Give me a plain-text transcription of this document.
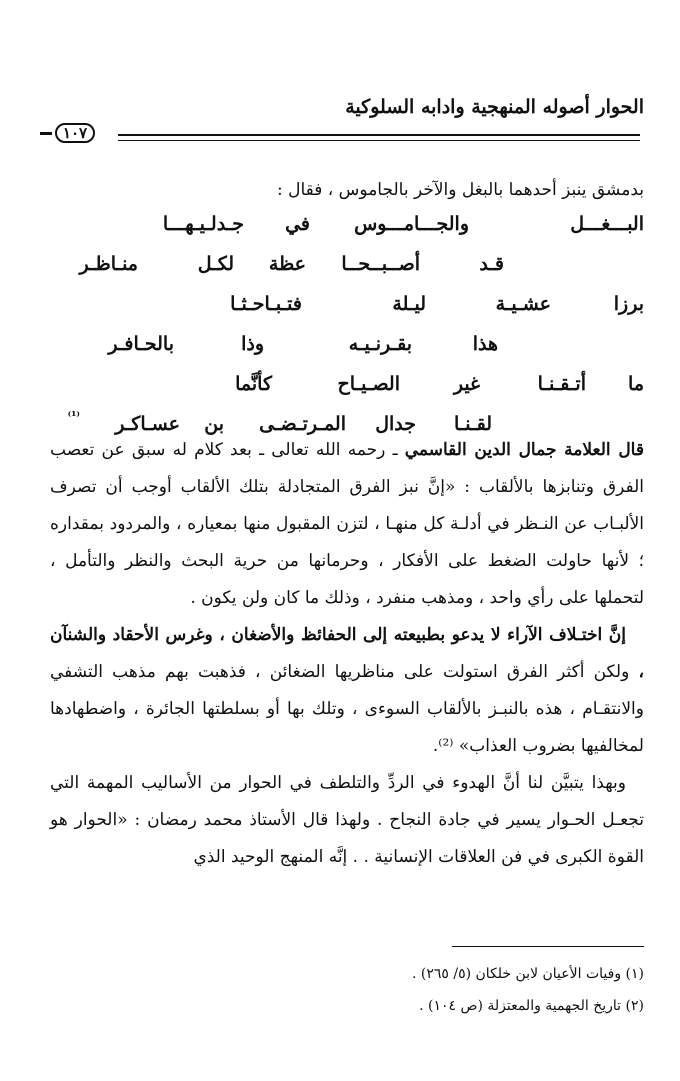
الحوار أصوله المنهجية وادابه السلوكية
١٠٧

بدمشق ينبز أحدهما بالبغل والآخر بالجاموس ، فقال :

البـــغـــل
والجـــامـــوس
في
جـدلـيـهـــا
قـد
أصــبــحــا
عظة
لكـل
منـاظـر
برزا
عشـيـة
ليـلة
فتـبـاحـثـا
هذا
بقـرنـيـه
وذا
بالحـافـر
ما
أتـقـنـا
غير
الصـيـاح
كأنَّما
لقـنـا
جدال
المـرتـضـى
بن
عسـاكـر
⁽¹⁾

قال العلامة جمال الدين القاسمي ـ رحمه الله تعالى ـ بعد كلام له سبق عن تعصب الفرق وتنابزها بالألقاب : «إنَّ نبز الفرق المتجادلة بتلك الألقاب أوجب أن تصرف الألبـاب عن النـظر في أدلـة كل منهـا ، لتزن المقبول منها بمعياره ، والمردود بمقداره ؛ لأنها حاولت الضغط على الأفكار ، وحرمانها من حرية البحث والنظر والتأمل ، لتحملها على رأي واحد ، ومذهب منفرد ، وذلك ما كان ولن يكون .

إنَّ اختـلاف الآراء لا يدعو بطبيعته إلى الحفائظ والأضغان ، وغرس الأحقاد والشنآن ، ولكن أكثر الفرق استولت على مناظريها الضغائن ، فذهبت بهم مذهب التشفي والانتقـام ، هذه بالنبـز بالألقاب السوءى ، وتلك بها أو بسلطتها الجائرة ، واضطهادها لمخالفيها بضروب العذاب» ⁽²⁾.

وبهذا يتبيَّن لنا أنَّ الهدوء في الردِّ والتلطف في الحوار من الأساليب المهمة التي تجعـل الحـوار يسير في جادة النجاح . ولهذا قال الأستاذ محمد رمضان : «الحوار هو القوة الكبرى في فن العلاقات الإنسانية . . إنَّه المنهج الوحيد الذي

(١) وفيات الأعيان لابن خلكان (٥/ ٢٦٥) .

(٢) تاريخ الجهمية والمعتزلة (ص ١٠٤) .
